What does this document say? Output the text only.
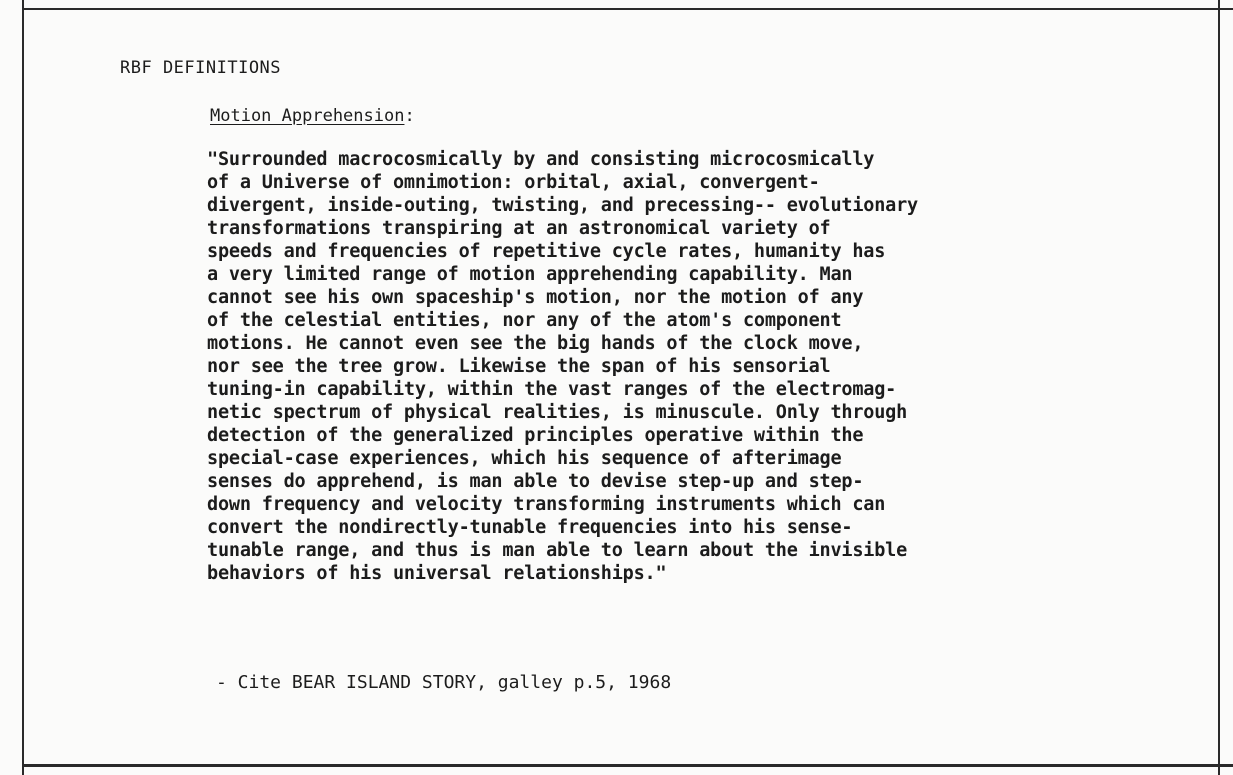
RBF DEFINITIONS
Motion Apprehension:
"Surrounded macrocosmically by and consisting microcosmically
of a Universe of omnimotion: orbital, axial, convergent-
divergent, inside-outing, twisting, and precessing-- evolutionary
transformations transpiring at an astronomical variety of
speeds and frequencies of repetitive cycle rates, humanity has
a very limited range of motion apprehending capability. Man
cannot see his own spaceship's motion, nor the motion of any
of the celestial entities, nor any of the atom's component
motions. He cannot even see the big hands of the clock move,
nor see the tree grow. Likewise the span of his sensorial
tuning-in capability, within the vast ranges of the electromag-
netic spectrum of physical realities, is minuscule. Only through
detection of the generalized principles operative within the
special-case experiences, which his sequence of afterimage
senses do apprehend, is man able to devise step-up and step-
down frequency and velocity transforming instruments which can
convert the nondirectly-tunable frequencies into his sense-
tunable range, and thus is man able to learn about the invisible
behaviors of his universal relationships."
- Cite BEAR ISLAND STORY, galley p.5, 1968
